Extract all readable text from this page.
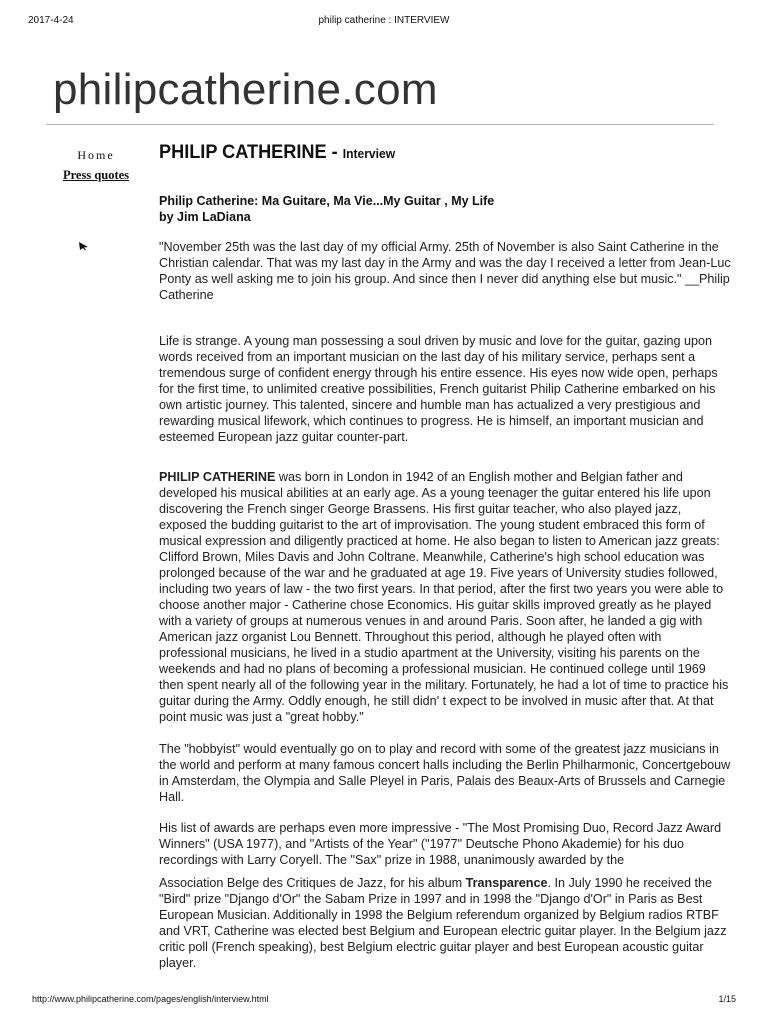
2017-4-24	philip catherine : INTERVIEW
philipcatherine.com
Home
Press quotes
PHILIP CATHERINE - Interview
Philip Catherine: Ma Guitare, Ma Vie...My Guitar , My Life
by Jim LaDiana

"November 25th was the last day of my official Army. 25th of November is also Saint Catherine in the Christian calendar. That was my last day in the Army and was the day I received a letter from Jean-Luc Ponty as well asking me to join his group. And since then I never did anything else but music." __Philip Catherine

Life is strange. A young man possessing a soul driven by music and love for the guitar, gazing upon words received from an important musician on the last day of his military service, perhaps sent a tremendous surge of confident energy through his entire essence. His eyes now wide open, perhaps for the first time, to unlimited creative possibilities, French guitarist Philip Catherine embarked on his own artistic journey. This talented, sincere and humble man has actualized a very prestigious and rewarding musical lifework, which continues to progress. He is himself, an important musician and esteemed European jazz guitar counter-part.

PHILIP CATHERINE was born in London in 1942 of an English mother and Belgian father and developed his musical abilities at an early age. As a young teenager the guitar entered his life upon discovering the French singer George Brassens. His first guitar teacher, who also played jazz, exposed the budding guitarist to the art of improvisation. The young student embraced this form of musical expression and diligently practiced at home. He also began to listen to American jazz greats: Clifford Brown, Miles Davis and John Coltrane. Meanwhile, Catherine's high school education was prolonged because of the war and he graduated at age 19. Five years of University studies followed, including two years of law - the two first years. In that period, after the first two years you were able to choose another major - Catherine chose Economics. His guitar skills improved greatly as he played with a variety of groups at numerous venues in and around Paris. Soon after, he landed a gig with American jazz organist Lou Bennett. Throughout this period, although he played often with professional musicians, he lived in a studio apartment at the University, visiting his parents on the weekends and had no plans of becoming a professional musician. He continued college until 1969 then spent nearly all of the following year in the military. Fortunately, he had a lot of time to practice his guitar during the Army. Oddly enough, he still didn' t expect to be involved in music after that. At that point music was just a "great hobby."

The "hobbyist" would eventually go on to play and record with some of the greatest jazz musicians in the world and perform at many famous concert halls including the Berlin Philharmonic, Concertgebouw in Amsterdam, the Olympia and Salle Pleyel in Paris, Palais des Beaux-Arts of Brussels and Carnegie Hall.

His list of awards are perhaps even more impressive - "The Most Promising Duo, Record Jazz Award Winners" (USA 1977), and "Artists of the Year" ("1977" Deutsche Phono Akademie) for his duo recordings with Larry Coryell. The "Sax" prize in 1988, unanimously awarded by the

Association Belge des Critiques de Jazz, for his album Transparence. In July 1990 he received the "Bird" prize "Django d'Or" the Sabam Prize in 1997 and in 1998 the "Django d'Or" in Paris as Best European Musician. Additionally in 1998 the Belgium referendum organized by Belgium radios RTBF and VRT, Catherine was elected best Belgium and European electric guitar player. In the Belgium jazz critic poll (French speaking), best Belgium electric guitar player and best European acoustic guitar player.

http://www.philipcatherine.com/pages/english/interview.html	1/15
